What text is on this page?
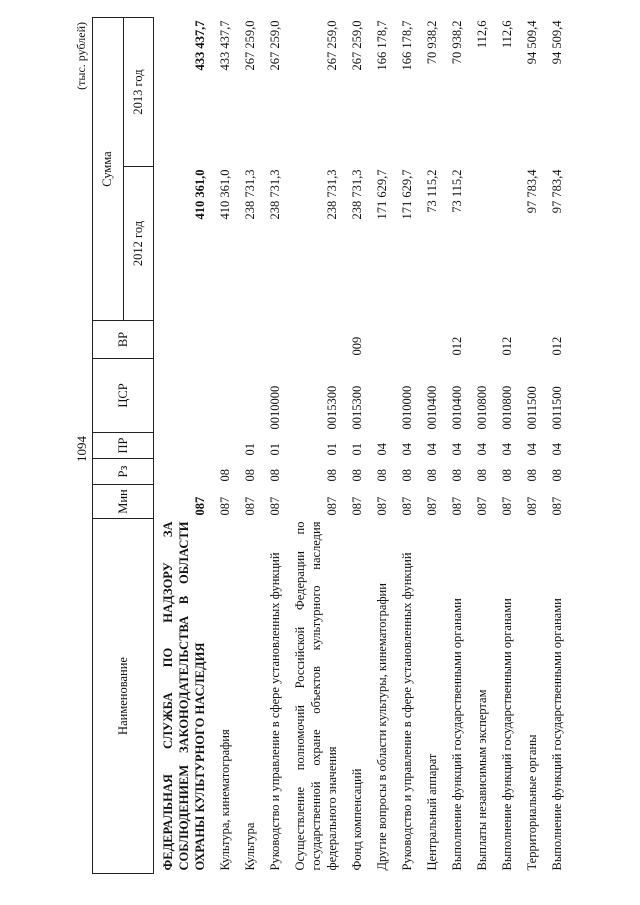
1094
(тыс. рублей)
Наименование	Мин	Рз	ПР	ЦСР	ВР	Сумма	
						2012 год	2013 год
ФЕДЕРАЛЬНАЯ СЛУЖБА ПО НАДЗОРУ ЗА СОБЛЮДЕНИЕМ ЗАКОНОДАТЕЛЬСТВА В ОБЛАСТИ ОХРАНЫ КУЛЬТУРНОГО НАСЛЕДИЯ	087					410 361,0	433 437,7
Культура, кинематография	087	08				410 361,0	433 437,7
Культура	087	08	01			238 731,3	267 259,0
Руководство и управление в сфере установленных функций	087	08	01	0010000		238 731,3	267 259,0
Осуществление полномочий Российской Федерации по государственной охране объектов культурного наследия федерального значения	087	08	01	0015300		238 731,3	267 259,0
Фонд компенсаций	087	08	01	0015300	009	238 731,3	267 259,0
Другие вопросы в области культуры, кинематографии	087	08	04			171 629,7	166 178,7
Руководство и управление в сфере установленных функций	087	08	04	0010000		171 629,7	166 178,7
Центральный аппарат	087	08	04	0010400		73 115,2	70 938,2
Выполнение функций государственными органами	087	08	04	0010400	012	73 115,2	70 938,2
Выплаты независимым экспертам	087	08	04	0010800			112,6
Выполнение функций государственными органами	087	08	04	0010800	012		112,6
Территориальные органы	087	08	04	0011500		97 783,4	94 509,4
Выполнение функций государственными органами	087	08	04	0011500	012	97 783,4	94 509,4
